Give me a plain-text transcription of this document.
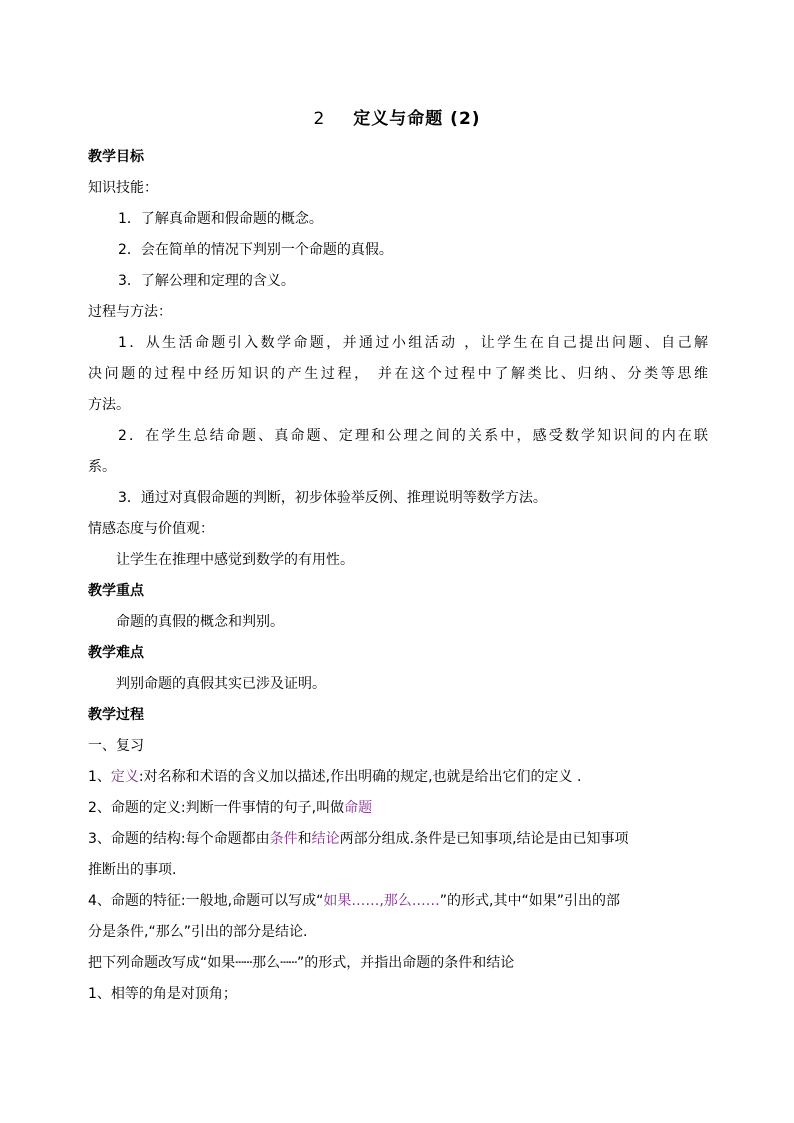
2 定义与命题 (2)
教学目标
知识技能：
1．了解真命题和假命题的概念。
2．会在简单的情况下判别一个命题的真假。
3．了解公理和定理的含义。
过程与方法：
1．从生活命题引入数学命题，并通过小组活动 ，让学生在自己提出问题、自己解
决问题的过程中经历知识的产生过程， 并在这个过程中了解类比、归纳、分类等思维
方法。
2．在学生总结命题、真命题、定理和公理之间的关系中，感受数学知识间的内在联
系。
3．通过对真假命题的判断，初步体验举反例、推理说明等数学方法。
情感态度与价值观：
让学生在推理中感觉到数学的有用性。
教学重点
命题的真假的概念和判别。
教学难点
判别命题的真假其实已涉及证明。
教学过程
一、复习
1、定义:对名称和术语的含义加以描述,作出明确的规定,也就是给出它们的定义 .
2、命题的定义:判断一件事情的句子,叫做命题
3、命题的结构:每个命题都由条件和结论两部分组成.条件是已知事项,结论是由已知事项
推断出的事项.
4、命题的特征:一般地,命题可以写成“如果……,那么……”的形式,其中“如果”引出的部
分是条件,“那么”引出的部分是结论.
把下列命题改写成“如果┄┄那么┄┄”的形式，并指出命题的条件和结论
1、相等的角是对顶角；
